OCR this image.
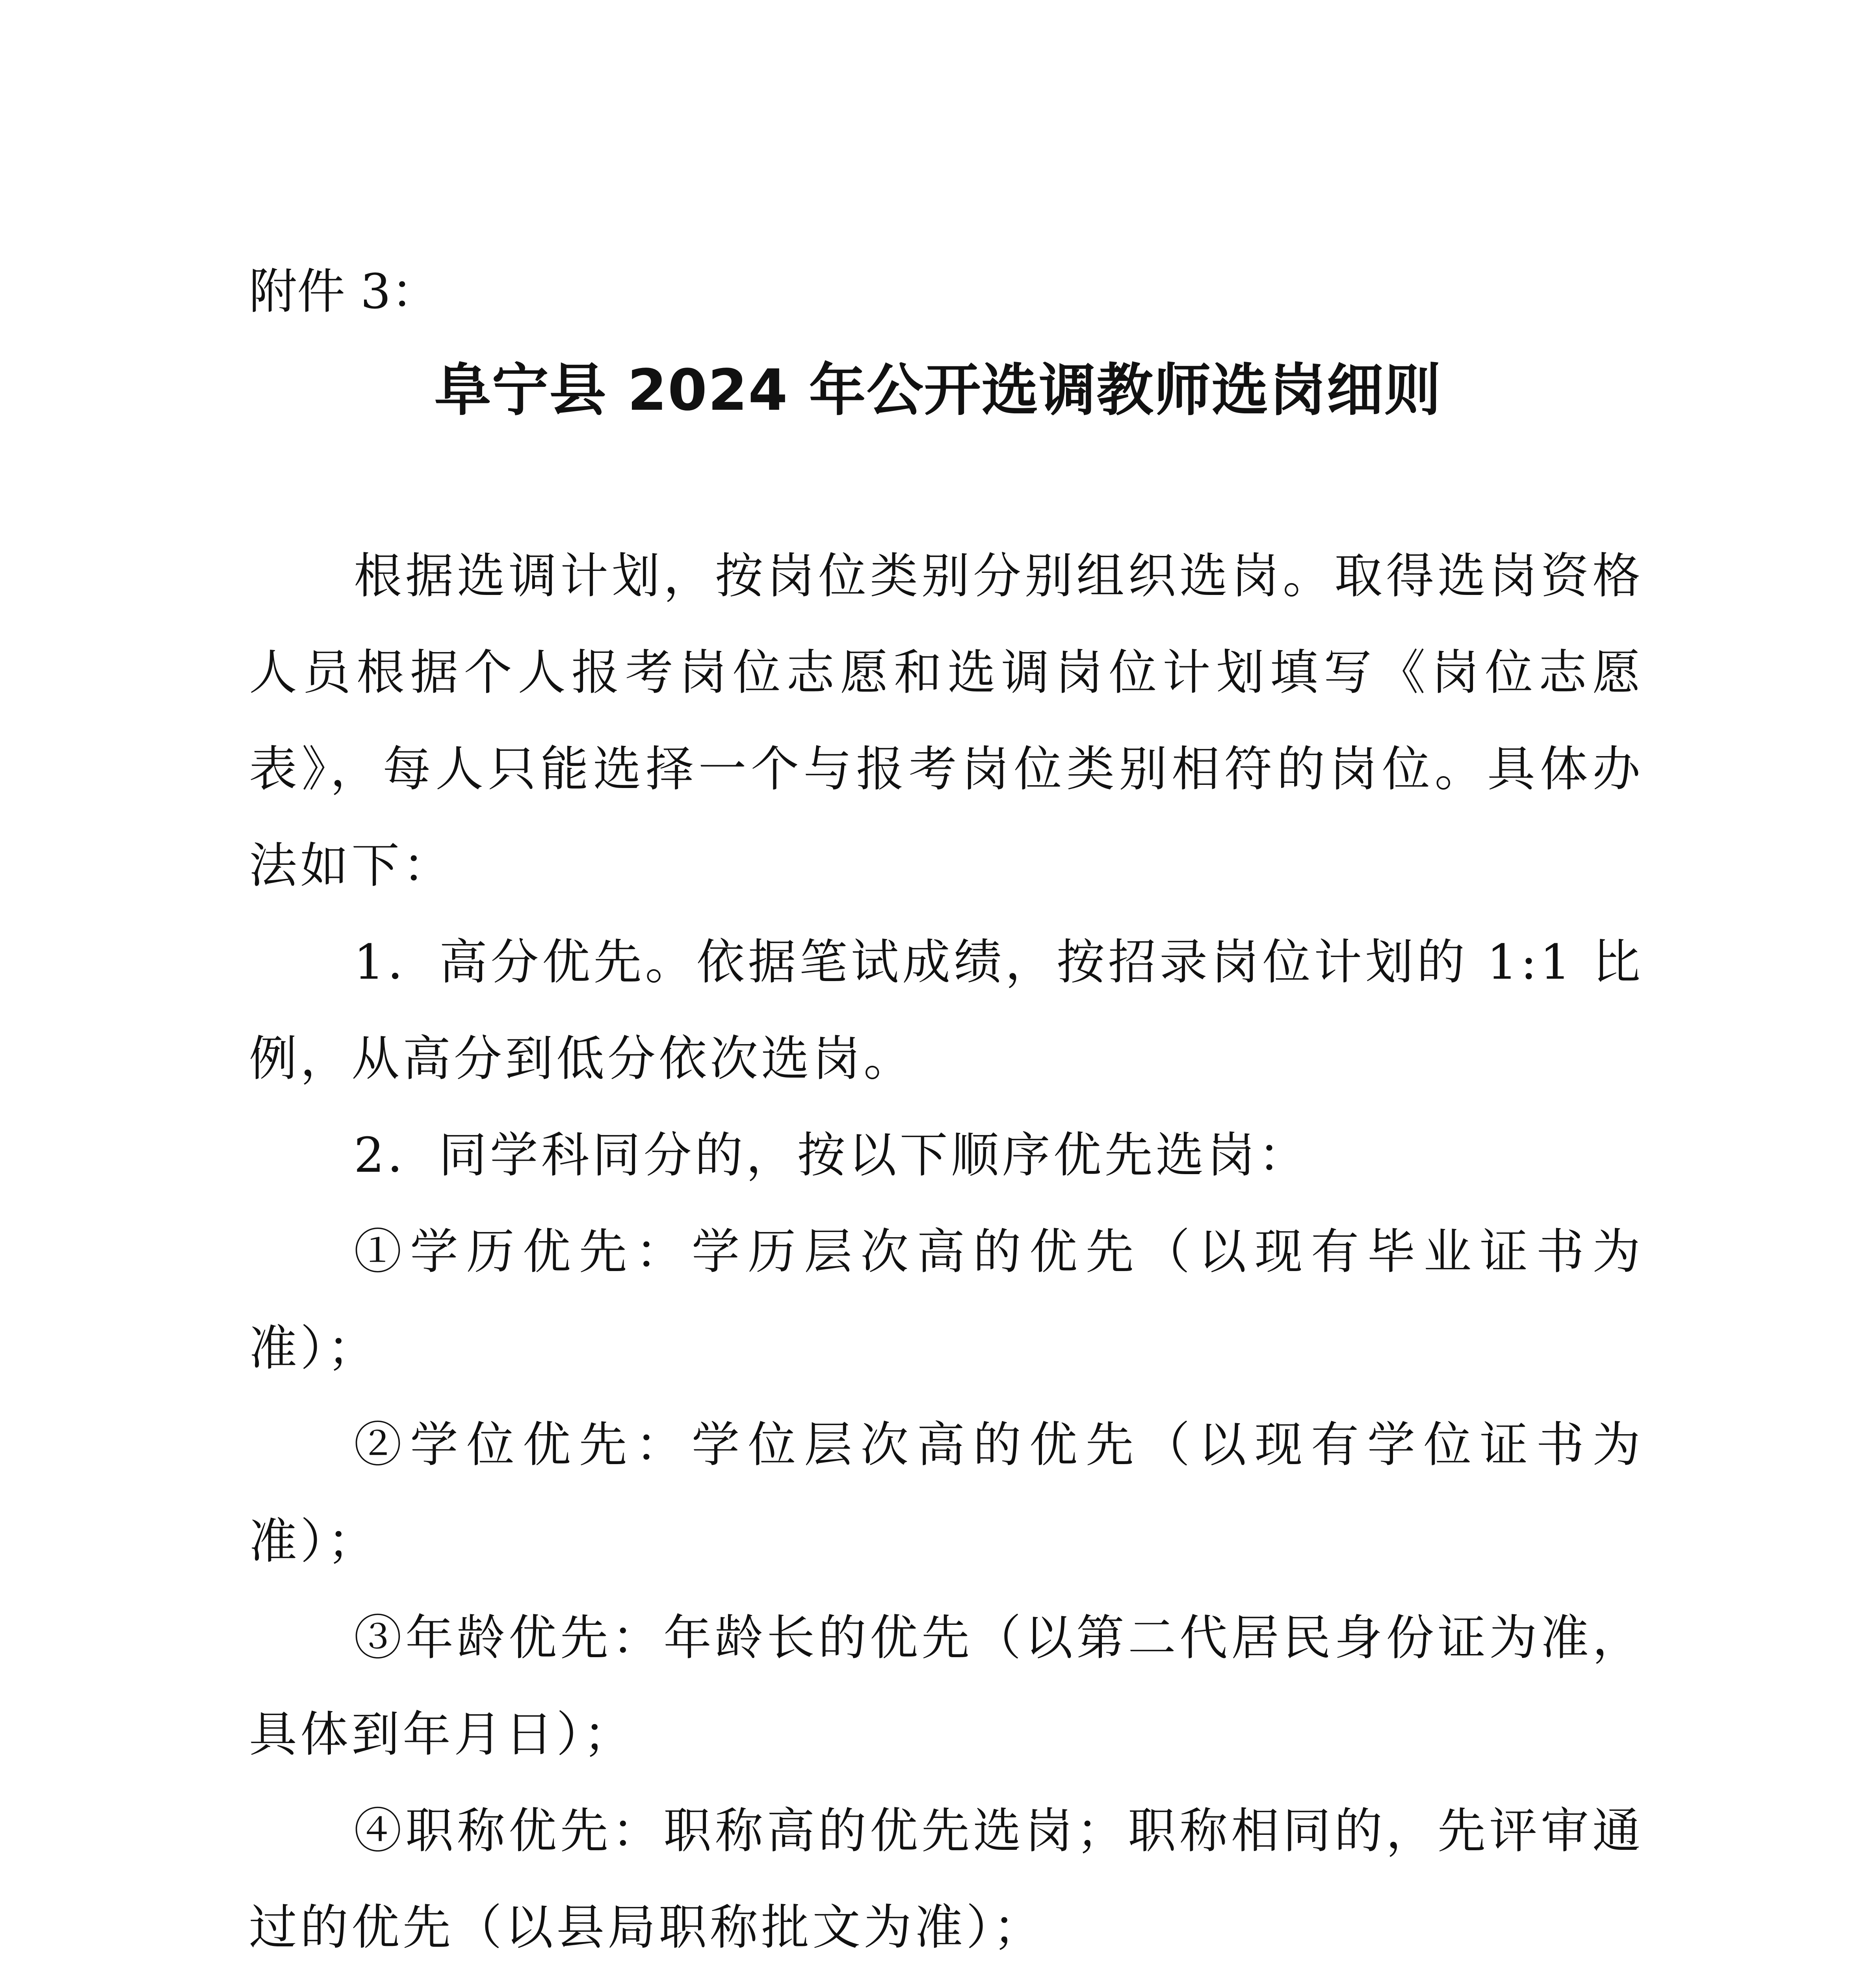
附件 3：
阜宁县 2024 年公开选调教师选岗细则

根据选调计划，按岗位类别分别组织选岗。取得选岗资格人员根据个人报考岗位志愿和选调岗位计划填写《岗位志愿表》，每人只能选择一个与报考岗位类别相符的岗位。具体办法如下：

1．高分优先。依据笔试成绩，按招录岗位计划的 1:1 比例，从高分到低分依次选岗。

2．同学科同分的，按以下顺序优先选岗：

①学历优先：学历层次高的优先（以现有毕业证书为准）；

②学位优先：学位层次高的优先（以现有学位证书为准）；

③年龄优先：年龄长的优先（以第二代居民身份证为准，具体到年月日）；

④职称优先：职称高的优先选岗；职称相同的，先评审通过的优先（以县局职称批文为准）；
